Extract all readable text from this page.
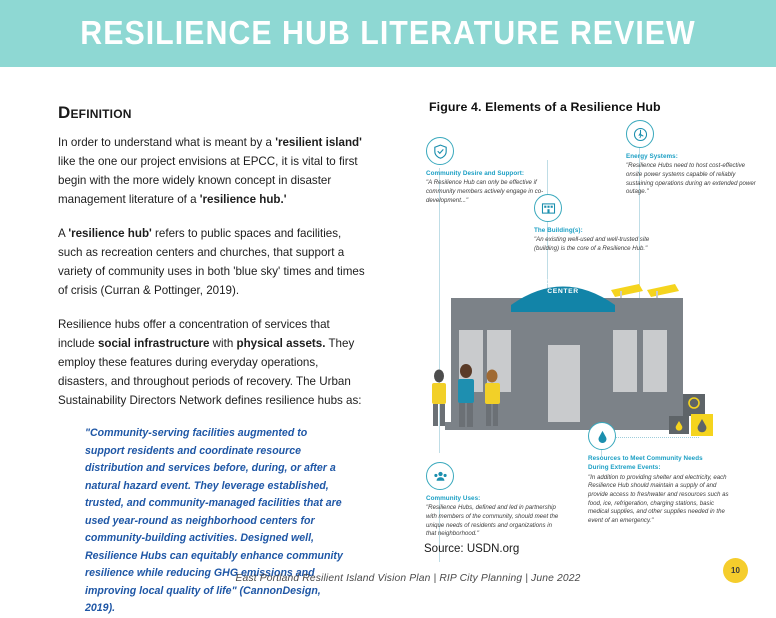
RESILIENCE HUB LITERATURE REVIEW
Definition

In order to understand what is meant by a 'resilient island' like the one our project envisions at EPCC, it is vital to first begin with the more widely known concept in disaster management literature of a 'resilience hub.'

A 'resilience hub' refers to public spaces and facilities, such as recreation centers and churches, that support a variety of community uses in both 'blue sky' times and times of crisis (Curran & Pottinger, 2019).

Resilience hubs offer a concentration of services that include social infrastructure with physical assets. They employ these features during everyday operations, disasters, and throughout periods of recovery. The Urban Sustainability Directors Network defines resilience hubs as:

"Community-serving facilities augmented to support residents and coordinate resource distribution and services before, during, or after a natural hazard event. They leverage established, trusted, and community-managed facilities that are used year-round as neighborhood centers for community-building activities. Designed well, Resilience Hubs can equitably enhance community resilience while reducing GHG emissions and improving local quality of life" (CannonDesign, 2019).
Figure 4. Elements of a Resilience Hub
COMMUNITY
CENTER
Community Desire and Support:
"A Resilience Hub can only be effective if community members actively engage in co-development..."
Energy Systems:
"Resilience Hubs need to host cost-effective onsite power systems capable of reliably sustaining operations during an extended power outage."
The Building(s):
"An existing well-used and well-trusted site (building) is the core of a Resilience Hub."
Community Uses:
"Resilience Hubs, defined and led in partnership with members of the community, should meet the unique needs of residents and organizations in that neighborhood."
Resources to Meet Community Needs
During Extreme Events:
"In addition to providing shelter and electricity, each Resilience Hub should maintain a supply of and provide access to freshwater and resources such as food, ice, refrigeration, charging stations, basic medical supplies, and other supplies needed in the event of an emergency."
Source: USDN.org
East Portland Resilient Island Vision Plan | RIP City Planning | June 2022
10
